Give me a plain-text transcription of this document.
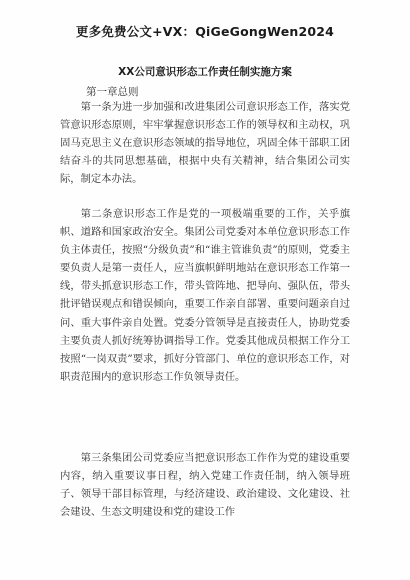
更多免费公文+VX：QiGeGongWen2024
XX公司意识形态工作责任制实施方案
第一章总则

第一条为进一步加强和改进集团公司意识形态工作，落实党管意识形态原则，牢牢掌握意识形态工作的领导权和主动权，巩固马克思主义在意识形态领域的指导地位，巩固全体干部职工团结奋斗的共同思想基础，根据中央有关精神，结合集团公司实际，制定本办法。

第二条意识形态工作是党的一项极端重要的工作，关乎旗帜、道路和国家政治安全。集团公司党委对本单位意识形态工作负主体责任，按照“分级负责”和“谁主管谁负责”的原则，党委主要负责人是第一责任人，应当旗帜鲜明地站在意识形态工作第一线，带头抓意识形态工作，带头管阵地、把导向、强队伍，带头批评错误观点和错误倾向，重要工作亲自部署、重要问题亲自过问、重大事件亲自处置。党委分管领导是直接责任人，协助党委主要负责人抓好统筹协调指导工作。党委其他成员根据工作分工按照“一岗双责”要求，抓好分管部门、单位的意识形态工作，对职责范围内的意识形态工作负领导责任。

第三条集团公司党委应当把意识形态工作作为党的建设重要内容，纳入重要议事日程，纳入党建工作责任制，纳入领导班子、领导干部目标管理，与经济建设、政治建设、文化建设、社会建设、生态文明建设和党的建设工作
